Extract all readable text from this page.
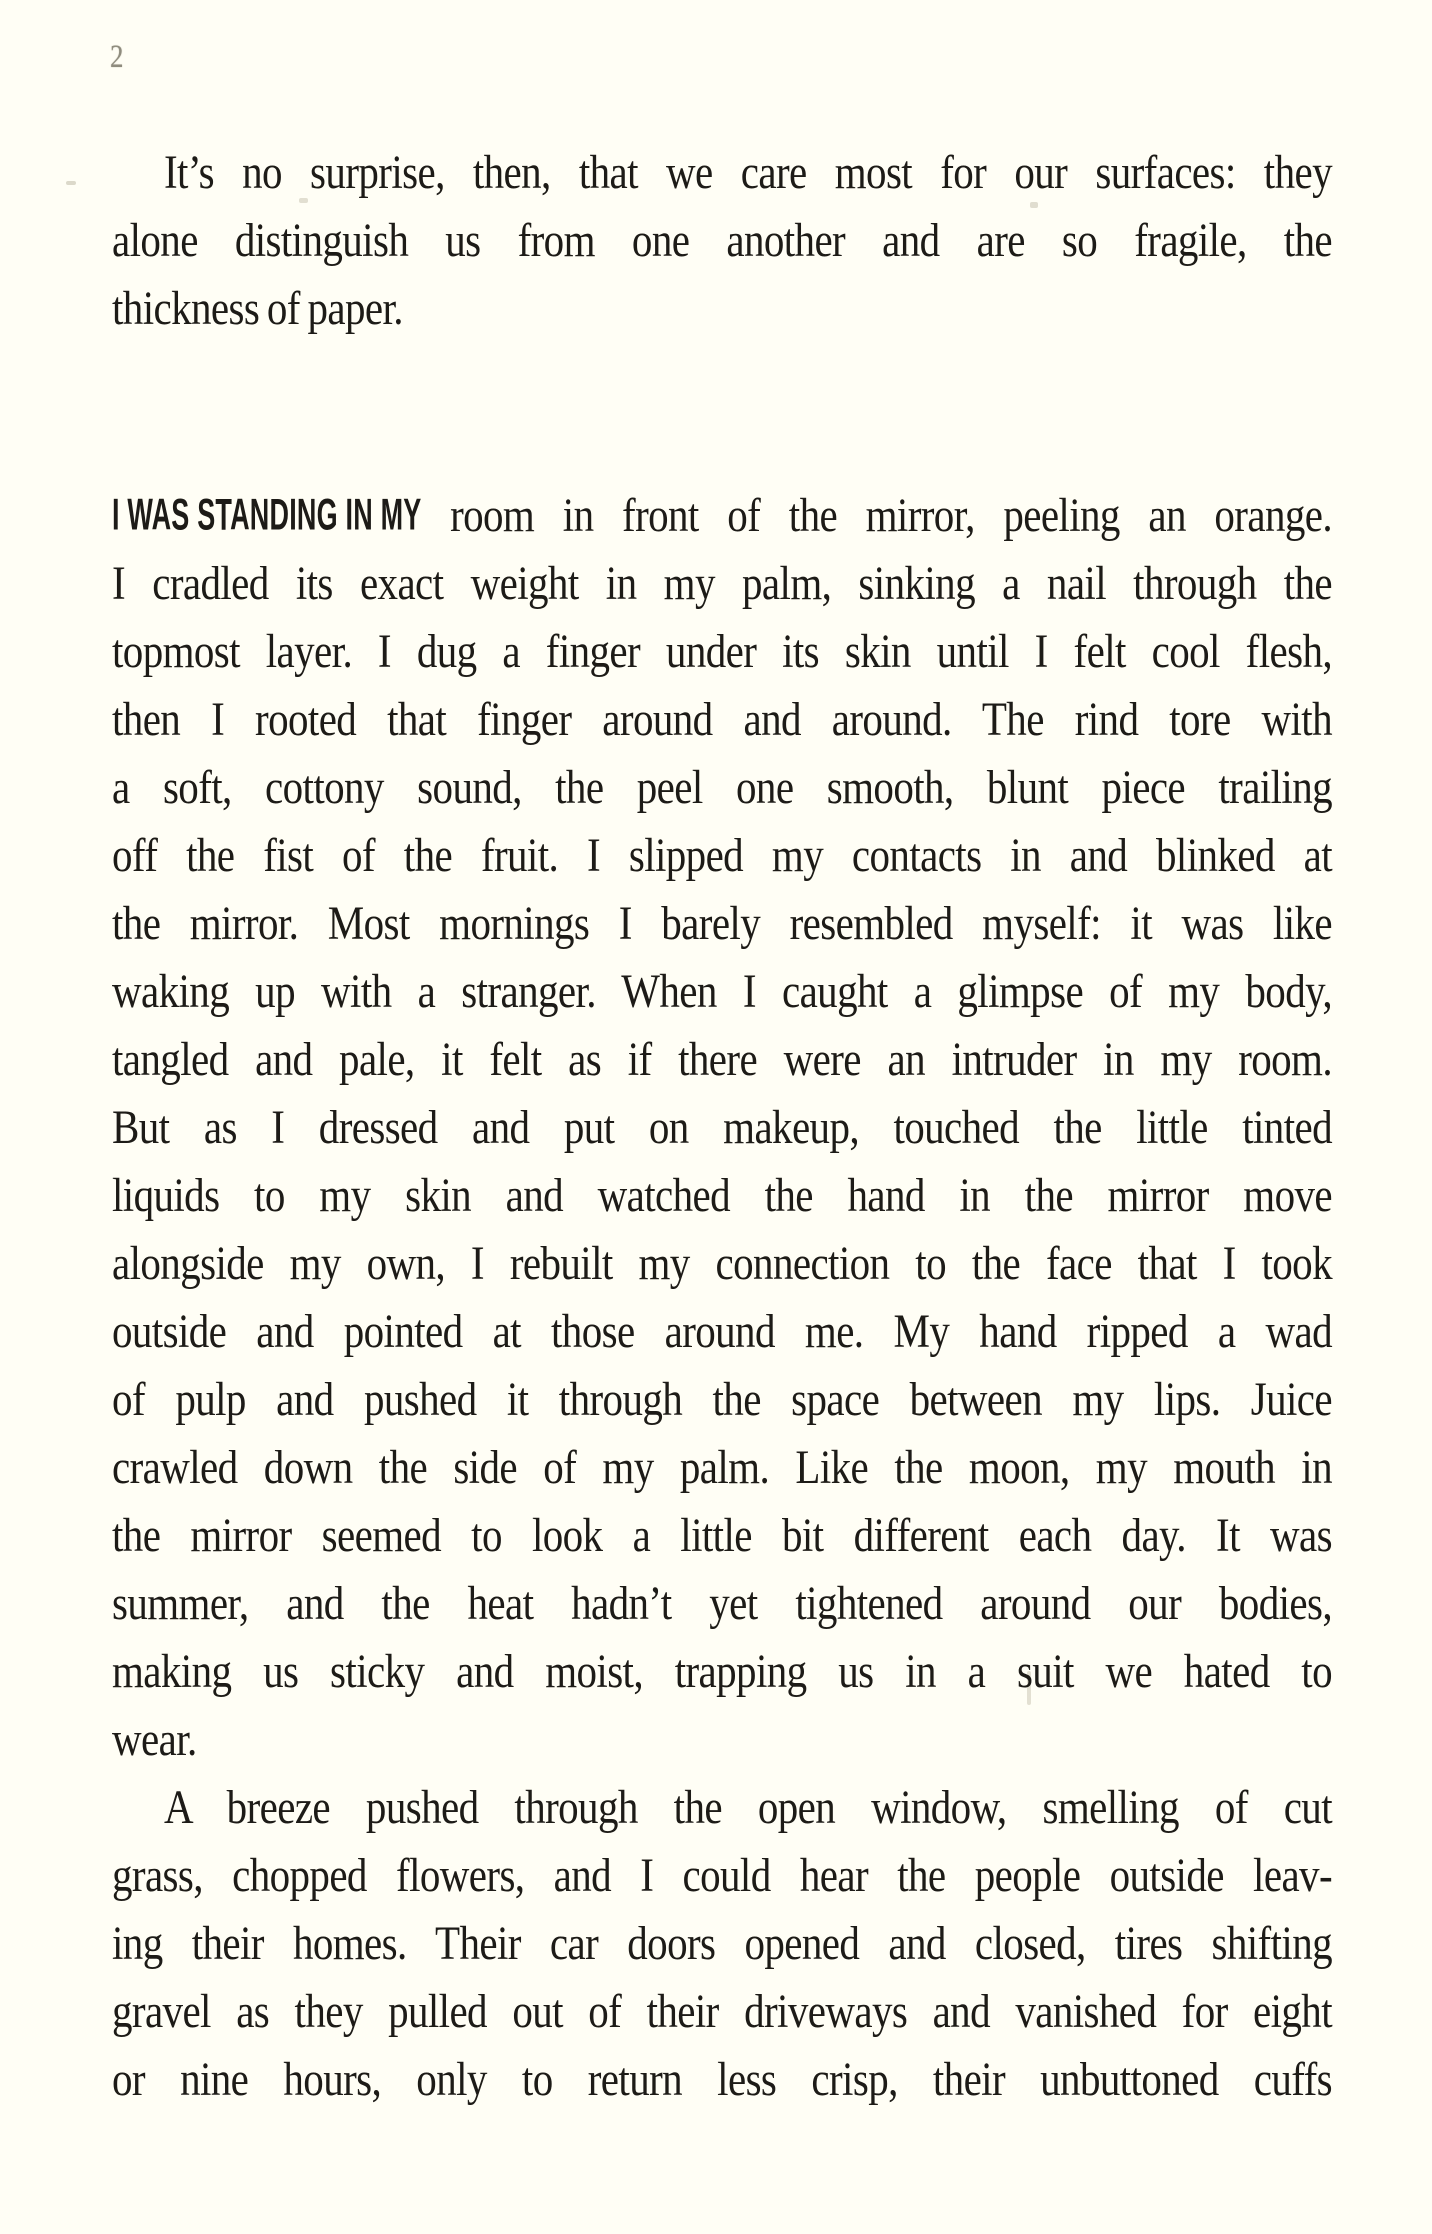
2
It’s no surprise, then, that we care most for our surfaces: they
alone distinguish us from one another and are so fragile, the
thickness of paper.
I WAS STANDING IN MY room in front of the mirror, peeling an orange.
I cradled its exact weight in my palm, sinking a nail through the
topmost layer. I dug a finger under its skin until I felt cool flesh,
then I rooted that finger around and around. The rind tore with
a soft, cottony sound, the peel one smooth, blunt piece trailing
off the fist of the fruit. I slipped my contacts in and blinked at
the mirror. Most mornings I barely resembled myself: it was like
waking up with a stranger. When I caught a glimpse of my body,
tangled and pale, it felt as if there were an intruder in my room.
But as I dressed and put on makeup, touched the little tinted
liquids to my skin and watched the hand in the mirror move
alongside my own, I rebuilt my connection to the face that I took
outside and pointed at those around me. My hand ripped a wad
of pulp and pushed it through the space between my lips. Juice
crawled down the side of my palm. Like the moon, my mouth in
the mirror seemed to look a little bit different each day. It was
summer, and the heat hadn’t yet tightened around our bodies,
making us sticky and moist, trapping us in a suit we hated to
wear.
A breeze pushed through the open window, smelling of cut
grass, chopped flowers, and I could hear the people outside leav-
ing their homes. Their car doors opened and closed, tires shifting
gravel as they pulled out of their driveways and vanished for eight
or nine hours, only to return less crisp, their unbuttoned cuffs
